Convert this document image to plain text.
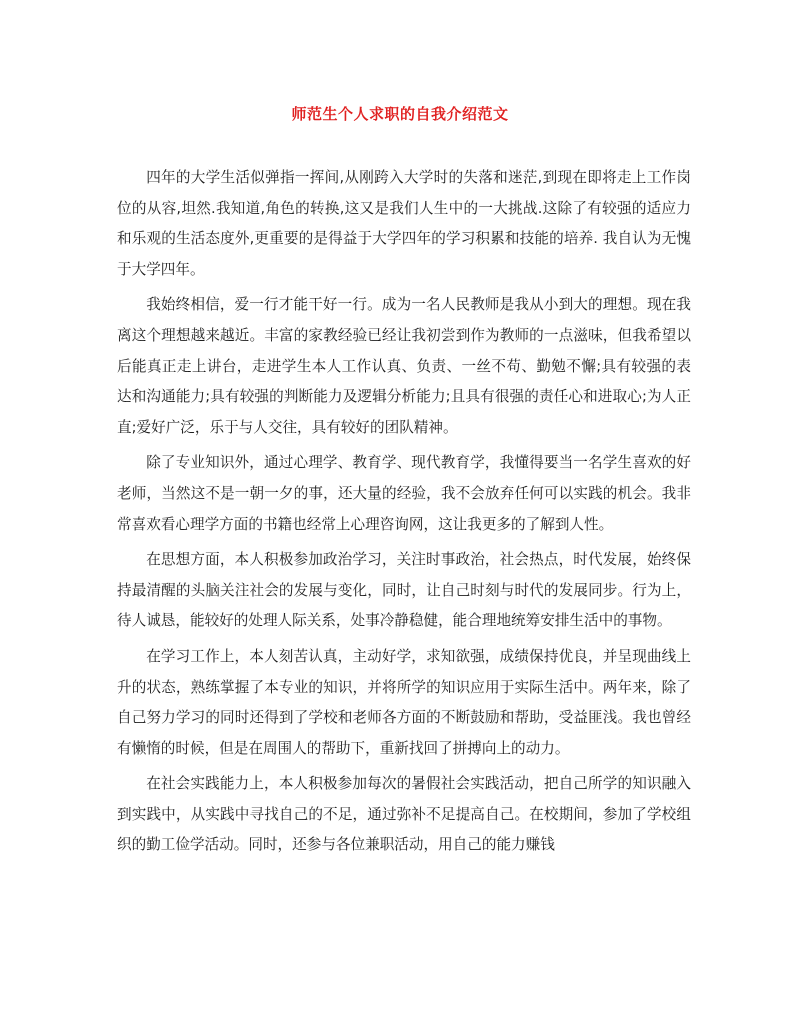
师范生个人求职的自我介绍范文

四年的大学生活似弹指一挥间,从刚跨入大学时的失落和迷茫,到现在即将走上工作岗位的从容,坦然.我知道,角色的转换,这又是我们人生中的一大挑战.这除了有较强的适应力和乐观的生活态度外,更重要的是得益于大学四年的学习积累和技能的培养. 我自认为无愧于大学四年。

我始终相信，爱一行才能干好一行。成为一名人民教师是我从小到大的理想。现在我离这个理想越来越近。丰富的家教经验已经让我初尝到作为教师的一点滋味，但我希望以后能真正走上讲台，走进学生本人工作认真、负责、一丝不苟、勤勉不懈;具有较强的表达和沟通能力;具有较强的判断能力及逻辑分析能力;且具有很强的责任心和进取心;为人正直;爱好广泛，乐于与人交往，具有较好的团队精神。

除了专业知识外，通过心理学、教育学、现代教育学，我懂得要当一名学生喜欢的好老师，当然这不是一朝一夕的事，还大量的经验，我不会放弃任何可以实践的机会。我非常喜欢看心理学方面的书籍也经常上心理咨询网，这让我更多的了解到人性。

在思想方面，本人积极参加政治学习，关注时事政治，社会热点，时代发展，始终保持最清醒的头脑关注社会的发展与变化，同时，让自己时刻与时代的发展同步。行为上，待人诚恳，能较好的处理人际关系，处事冷静稳健，能合理地统筹安排生活中的事物。

在学习工作上，本人刻苦认真，主动好学，求知欲强，成绩保持优良，并呈现曲线上升的状态，熟练掌握了本专业的知识，并将所学的知识应用于实际生活中。两年来，除了自己努力学习的同时还得到了学校和老师各方面的不断鼓励和帮助，受益匪浅。我也曾经有懒惰的时候，但是在周围人的帮助下，重新找回了拼搏向上的动力。

在社会实践能力上，本人积极参加每次的暑假社会实践活动，把自己所学的知识融入到实践中，从实践中寻找自己的不足，通过弥补不足提高自己。在校期间，参加了学校组织的勤工俭学活动。同时，还参与各位兼职活动，用自己的能力赚钱
